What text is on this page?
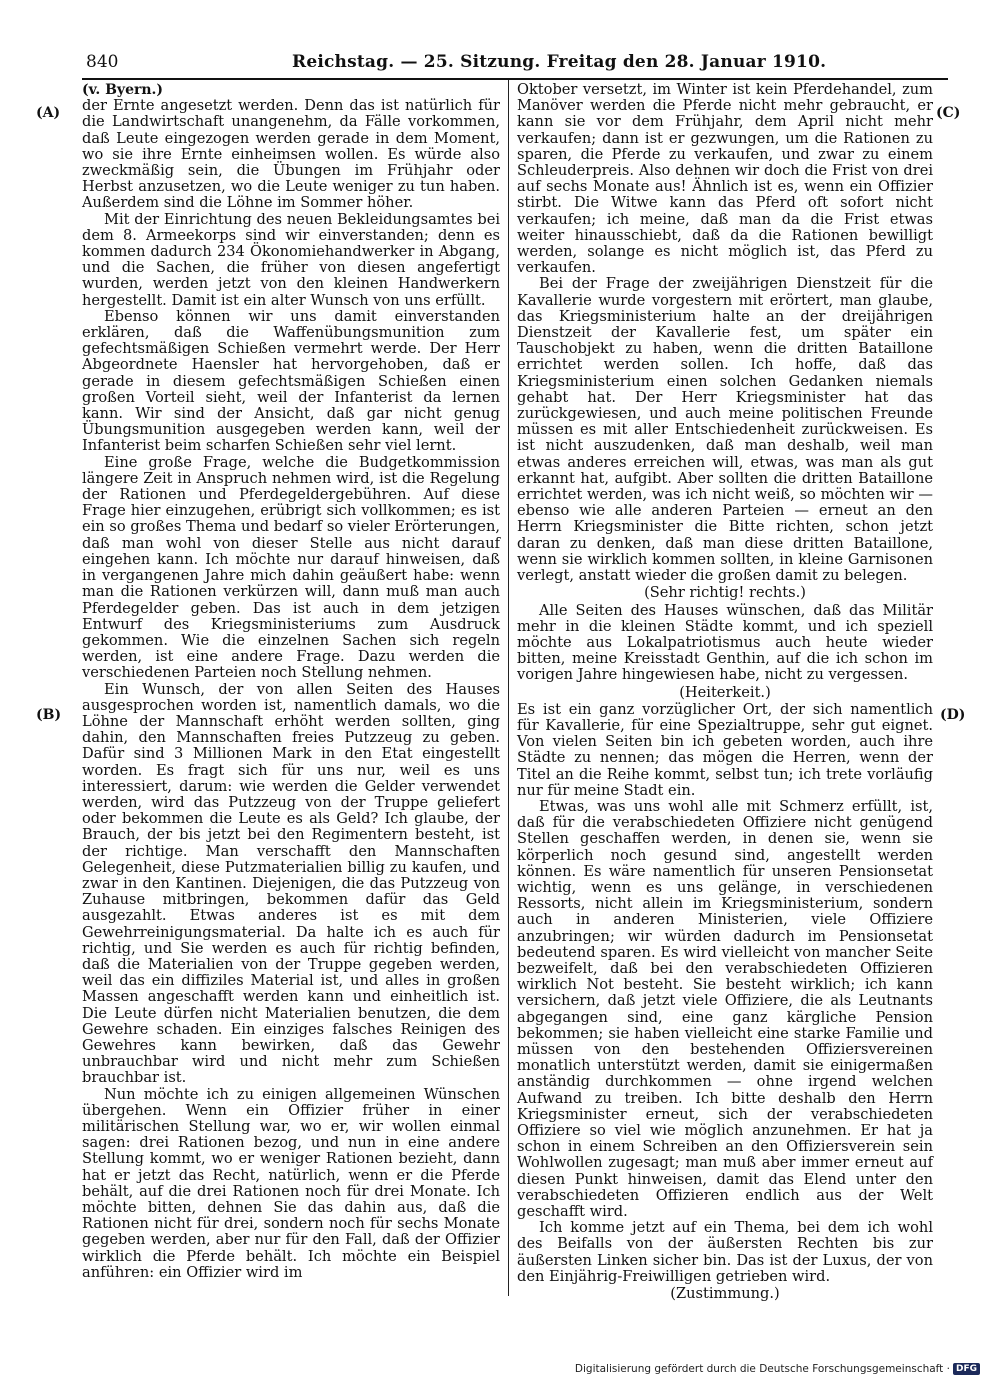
840	Reichstag. — 25. Sitzung. Freitag den 28. Januar 1910.
(A)
(B)
(C)
(D)

(v. Byern.)

der Ernte angesetzt werden. Denn das ist natürlich für die Landwirtschaft unangenehm, da Fälle vorkommen, daß Leute eingezogen werden gerade in dem Moment, wo sie ihre Ernte einheimsen wollen. Es würde also zweckmäßig sein, die Übungen im Frühjahr oder Herbst anzusetzen, wo die Leute weniger zu tun haben. Außerdem sind die Löhne im Sommer höher.

Mit der Einrichtung des neuen Bekleidungsamtes bei dem 8. Armeekorps sind wir einverstanden; denn es kommen dadurch 234 Ökonomiehandwerker in Abgang, und die Sachen, die früher von diesen angefertigt wurden, werden jetzt von den kleinen Handwerkern hergestellt. Damit ist ein alter Wunsch von uns erfüllt.

Ebenso können wir uns damit einverstanden erklären, daß die Waffenübungsmunition zum gefechtsmäßigen Schießen vermehrt werde. Der Herr Abgeordnete Haensler hat hervorgehoben, daß er gerade in diesem gefechtsmäßigen Schießen einen großen Vorteil sieht, weil der Infanterist da lernen kann. Wir sind der Ansicht, daß gar nicht genug Übungsmunition ausgegeben werden kann, weil der Infanterist beim scharfen Schießen sehr viel lernt.

Eine große Frage, welche die Budgetkommission längere Zeit in Anspruch nehmen wird, ist die Regelung der Rationen und Pferdegeldergebühren. Auf diese Frage hier einzugehen, erübrigt sich vollkommen; es ist ein so großes Thema und bedarf so vieler Erörterungen, daß man wohl von dieser Stelle aus nicht darauf eingehen kann. Ich möchte nur darauf hinweisen, daß in vergangenen Jahre mich dahin geäußert habe: wenn man die Rationen verkürzen will, dann muß man auch Pferdegelder geben. Das ist auch in dem jetzigen Entwurf des Kriegsministeriums zum Ausdruck gekommen. Wie die einzelnen Sachen sich regeln werden, ist eine andere Frage. Dazu werden die verschiedenen Parteien noch Stellung nehmen.

Ein Wunsch, der von allen Seiten des Hauses ausgesprochen worden ist, namentlich damals, wo die Löhne der Mannschaft erhöht werden sollten, ging dahin, den Mannschaften freies Putzzeug zu geben. Dafür sind 3 Millionen Mark in den Etat eingestellt worden. Es fragt sich für uns nur, weil es uns interessiert, darum: wie werden die Gelder verwendet werden, wird das Putzzeug von der Truppe geliefert oder bekommen die Leute es als Geld? Ich glaube, der Brauch, der bis jetzt bei den Regimentern besteht, ist der richtige. Man verschafft den Mannschaften Gelegenheit, diese Putzmaterialien billig zu kaufen, und zwar in den Kantinen. Diejenigen, die das Putzzeug von Zuhause mitbringen, bekommen dafür das Geld ausgezahlt. Etwas anderes ist es mit dem Gewehrreinigungsmaterial. Da halte ich es auch für richtig, und Sie werden es auch für richtig befinden, daß die Materialien von der Truppe gegeben werden, weil das ein diffiziles Material ist, und alles in großen Massen angeschafft werden kann und einheitlich ist. Die Leute dürfen nicht Materialien benutzen, die dem Gewehre schaden. Ein einziges falsches Reinigen des Gewehres kann bewirken, daß das Gewehr unbrauchbar wird und nicht mehr zum Schießen brauchbar ist.

Nun möchte ich zu einigen allgemeinen Wünschen übergehen. Wenn ein Offizier früher in einer militärischen Stellung war, wo er, wir wollen einmal sagen: drei Rationen bezog, und nun in eine andere Stellung kommt, wo er weniger Rationen bezieht, dann hat er jetzt das Recht, natürlich, wenn er die Pferde behält, auf die drei Rationen noch für drei Monate. Ich möchte bitten, dehnen Sie das dahin aus, daß die Rationen nicht für drei, sondern noch für sechs Monate gegeben werden, aber nur für den Fall, daß der Offizier wirklich die Pferde behält. Ich möchte ein Beispiel anführen: ein Offizier wird im

Oktober versetzt, im Winter ist kein Pferdehandel, zum Manöver werden die Pferde nicht mehr gebraucht, er kann sie vor dem Frühjahr, dem April nicht mehr verkaufen; dann ist er gezwungen, um die Rationen zu sparen, die Pferde zu verkaufen, und zwar zu einem Schleuderpreis. Also dehnen wir doch die Frist von drei auf sechs Monate aus! Ähnlich ist es, wenn ein Offizier stirbt. Die Witwe kann das Pferd oft sofort nicht verkaufen; ich meine, daß man da die Frist etwas weiter hinausschiebt, daß da die Rationen bewilligt werden, solange es nicht möglich ist, das Pferd zu verkaufen.

Bei der Frage der zweijährigen Dienstzeit für die Kavallerie wurde vorgestern mit erörtert, man glaube, das Kriegsministerium halte an der dreijährigen Dienstzeit der Kavallerie fest, um später ein Tauschobjekt zu haben, wenn die dritten Bataillone errichtet werden sollen. Ich hoffe, daß das Kriegsministerium einen solchen Gedanken niemals gehabt hat. Der Herr Kriegsminister hat das zurückgewiesen, und auch meine politischen Freunde müssen es mit aller Entschiedenheit zurückweisen. Es ist nicht auszudenken, daß man deshalb, weil man etwas anderes erreichen will, etwas, was man als gut erkannt hat, aufgibt. Aber sollten die dritten Bataillone errichtet werden, was ich nicht weiß, so möchten wir — ebenso wie alle anderen Parteien — erneut an den Herrn Kriegsminister die Bitte richten, schon jetzt daran zu denken, daß man diese dritten Bataillone, wenn sie wirklich kommen sollten, in kleine Garnisonen verlegt, anstatt wieder die großen damit zu belegen.

(Sehr richtig! rechts.)

Alle Seiten des Hauses wünschen, daß das Militär mehr in die kleinen Städte kommt, und ich speziell möchte aus Lokalpatriotismus auch heute wieder bitten, meine Kreisstadt Genthin, auf die ich schon im vorigen Jahre hingewiesen habe, nicht zu vergessen.

(Heiterkeit.)

Es ist ein ganz vorzüglicher Ort, der sich namentlich für Kavallerie, für eine Spezialtruppe, sehr gut eignet. Von vielen Seiten bin ich gebeten worden, auch ihre Städte zu nennen; das mögen die Herren, wenn der Titel an die Reihe kommt, selbst tun; ich trete vorläufig nur für meine Stadt ein.

Etwas, was uns wohl alle mit Schmerz erfüllt, ist, daß für die verabschiedeten Offiziere nicht genügend Stellen geschaffen werden, in denen sie, wenn sie körperlich noch gesund sind, angestellt werden können. Es wäre namentlich für unseren Pensionsetat wichtig, wenn es uns gelänge, in verschiedenen Ressorts, nicht allein im Kriegsministerium, sondern auch in anderen Ministerien, viele Offiziere anzubringen; wir würden dadurch im Pensionsetat bedeutend sparen. Es wird vielleicht von mancher Seite bezweifelt, daß bei den verabschiedeten Offizieren wirklich Not besteht. Sie besteht wirklich; ich kann versichern, daß jetzt viele Offiziere, die als Leutnants abgegangen sind, eine ganz kärgliche Pension bekommen; sie haben vielleicht eine starke Familie und müssen von den bestehenden Offiziersvereinen monatlich unterstützt werden, damit sie einigermaßen anständig durchkommen — ohne irgend welchen Aufwand zu treiben. Ich bitte deshalb den Herrn Kriegsminister erneut, sich der verabschiedeten Offiziere so viel wie möglich anzunehmen. Er hat ja schon in einem Schreiben an den Offiziersverein sein Wohlwollen zugesagt; man muß aber immer erneut auf diesen Punkt hinweisen, damit das Elend unter den verabschiedeten Offizieren endlich aus der Welt geschafft wird.

Ich komme jetzt auf ein Thema, bei dem ich wohl des Beifalls von der äußersten Rechten bis zur äußersten Linken sicher bin. Das ist der Luxus, der von den Einjährig-Freiwilligen getrieben wird.

(Zustimmung.)

Digitalisierung gefördert durch die Deutsche Forschungsgemeinschaft · DFG
